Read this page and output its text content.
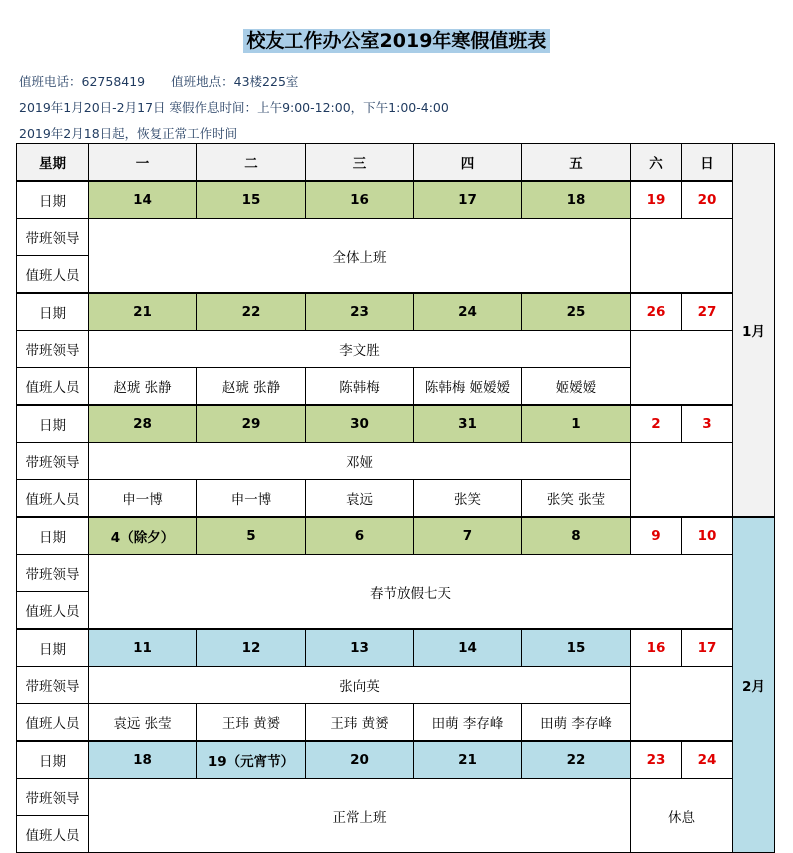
校友工作办公室2019年寒假值班表
值班电话：62758419 值班地点：43楼225室
2019年1月20日-2月17日 寒假作息时间：上午9:00-12:00，下午1:00-4:00
2019年2月18日起，恢复正常工作时间
星期	一	二	三	四	五	六	日	1月
日期	14	15	16	17	18	19	20	
带班领导	全体上班							
值班人员								
日期	21	22	23	24	25	26	27	
带班领导	李文胜							
值班人员	赵琥 张静	赵琥 张静	陈韩梅	陈韩梅 姬嫒嫒	姬嫒嫒			
日期	28	29	30	31	1	2	3	
带班领导	邓娅							
值班人员	申一博	申一博	袁远	张笑	张笑 张莹			
日期	4（除夕）	5	6	7	8	9	10	2月
带班领导	春节放假七天							
值班人员								
日期	11	12	13	14	15	16	17	
带班领导	张向英							
值班人员	袁远 张莹	王玮 黄赟	王玮 黄赟	田萌 李存峰	田萌 李存峰			
日期	18	19（元宵节）	20	21	22	23	24	
带班领导	正常上班					休息		
值班人员								
